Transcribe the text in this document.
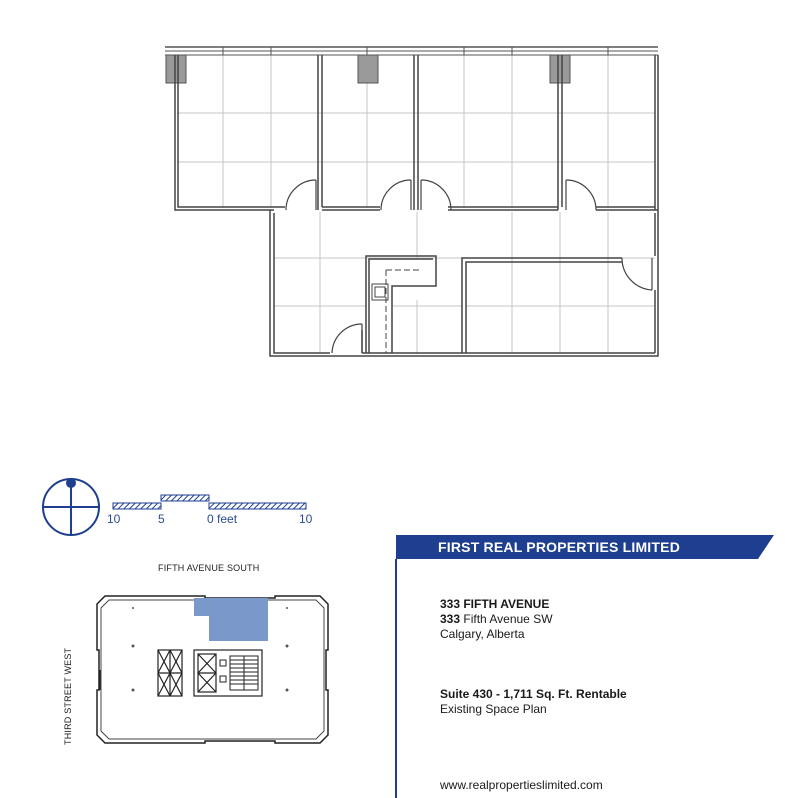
10	5	0 feet	10
FIFTH AVENUE SOUTH
THIRD STREET WEST
FIRST REAL PROPERTIES LIMITED
333 FIFTH AVENUE
333 Fifth Avenue SW
Calgary, Alberta
Suite 430 - 1,711 Sq. Ft. Rentable
Existing Space Plan
www.realpropertieslimited.com
